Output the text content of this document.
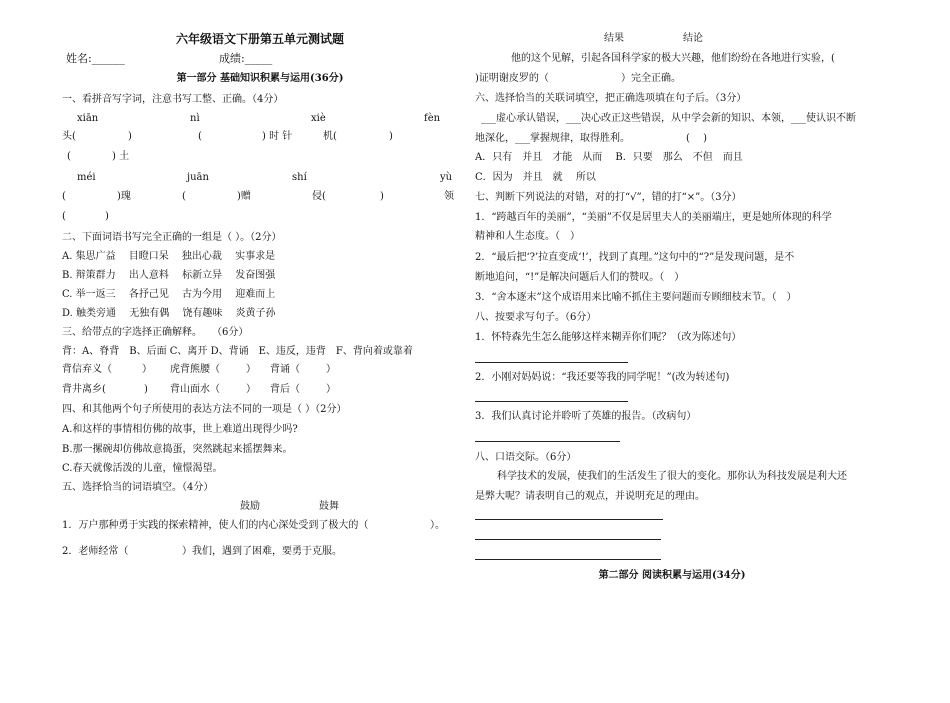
六年级语文下册第五单元测试题
姓名:______	成绩:_____
第一部分 基础知识积累与运用(36分)
一、看拼音写字词，注意书写工整、正确。（4分）
xiān	nì	xiè	fèn
头(	)	(	) 时 针	机(	)
(	) 土
méi	juān	shí	yù
(	)瑰	(	)赠	侵(	)	领
(	)
二、下面词语书写完全正确的一组是（ ）。（2分）
A. 集思广益　 目瞪口呆　 独出心裁　 实事求是
B. 辩策群力　 出人意料　 标新立异　 发奋图强
C. 举一返三　 各抒己见　 古为今用　 迎难而上
D. 触类旁通　 无独有偶　 饶有趣味　 炎黄子孙
三、给带点的字选择正确解释。　　（6分）
背：A、脊背　B、后面 C、离开 D、背诵　E、违反，违背　F、背向着或靠着
背信弃义（	） 虎背熊腰（	） 背诵（	）
背井离乡(	) 背山面水（	） 背后（	）
四、和其他两个句子所使用的表达方法不同的一项是（ ）（2分）
A.和这样的事情相仿佛的故事，世上难道出现得少吗?
B.那一摞碗却仿佛故意捣蛋，突然跳起来摇摆舞来。
C.春天就像活泼的儿童，憧憬渴望。
五、选择恰当的词语填空。（4分）
鼓励	鼓舞
1．万户那种勇于实践的探索精神，使人们的内心深处受到了极大的（	）。
2．老师经常（	）我们，遇到了困难，要勇于克服。
结果	结论
他的这个见解，引起各国科学家的极大兴趣，他们纷纷在各地进行实验，(
)证明谢皮罗的（	）完全正确。
六、选择恰当的关联词填空，把正确选项填在句子后。（3分）
___虚心承认错误，___决心改正这些错误，从中学会新的知识、本领，___使认识不断
地深化，___掌握规律，取得胜利。	(　 )
A．只有　并且　才能　从而　 B．只要　那么　不但　而且
C．因为　并且　就　 所以
七、判断下列说法的对错，对的打“√”，错的打“×”。（3分）
1．“跨越百年的美丽”，“美丽”不仅是居里夫人的美丽端庄，更是她所体现的科学
精神和人生态度。（　）
2．“最后把‘?’拉直变成‘!’，找到了真理。”这句中的“?”是发现问题，是不
断地追问，“!”是解决问题后人们的赞叹。（　）
3．“舍本逐末”这个成语用来比喻不抓住主要问题而专顾细枝末节。（　）
八、按要求写句子。（6分）
1．怀特森先生怎么能够这样来糊弄你们呢？（改为陈述句）
2．小刚对妈妈说：“我还要等我的同学呢！”(改为转述句)
3．我们认真讨论并聆听了英雄的报告。（改病句）
八、口语交际。（6分）
科学技术的发展，使我们的生活发生了很大的变化。那你认为科技发展是利大还
是弊大呢？请表明自己的观点，并说明充足的理由。
第二部分 阅读积累与运用(34分)
